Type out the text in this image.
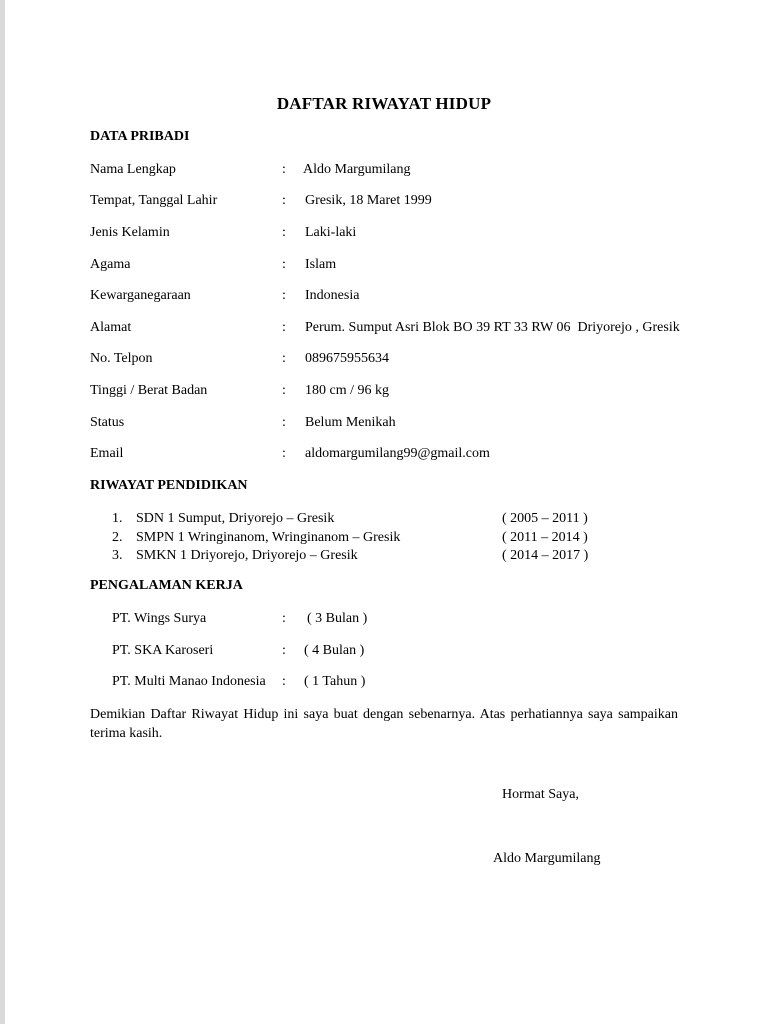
DAFTAR RIWAYAT HIDUP
DATA PRIBADI
Nama Lengkap	: Aldo Margumilang
Tempat, Tanggal Lahir	: Gresik, 18 Maret 1999
Jenis Kelamin	: Laki-laki
Agama	: Islam
Kewarganegaraan	: Indonesia
Alamat	: Perum. Sumput Asri Blok BO 39 RT 33 RW 06  Driyorejo , Gresik
No. Telpon	: 089675955634
Tinggi / Berat Badan	: 180 cm / 96 kg
Status	: Belum Menikah
Email	: aldomargumilang99@gmail.com
RIWAYAT PENDIDIKAN
1. SDN 1 Sumput, Driyorejo – Gresik	( 2005 – 2011 )
2. SMPN 1 Wringinanom, Wringinanom – Gresik	( 2011 – 2014 )
3. SMKN 1 Driyorejo, Driyorejo – Gresik	( 2014 – 2017 )
PENGALAMAN KERJA
PT. Wings Surya	: ( 3 Bulan )
PT. SKA Karoseri	: ( 4 Bulan )
PT. Multi Manao Indonesia : ( 1 Tahun )
Demikian Daftar Riwayat Hidup ini saya buat dengan sebenarnya. Atas perhatiannya saya sampaikan terima kasih.
Hormat Saya,
Aldo Margumilang
